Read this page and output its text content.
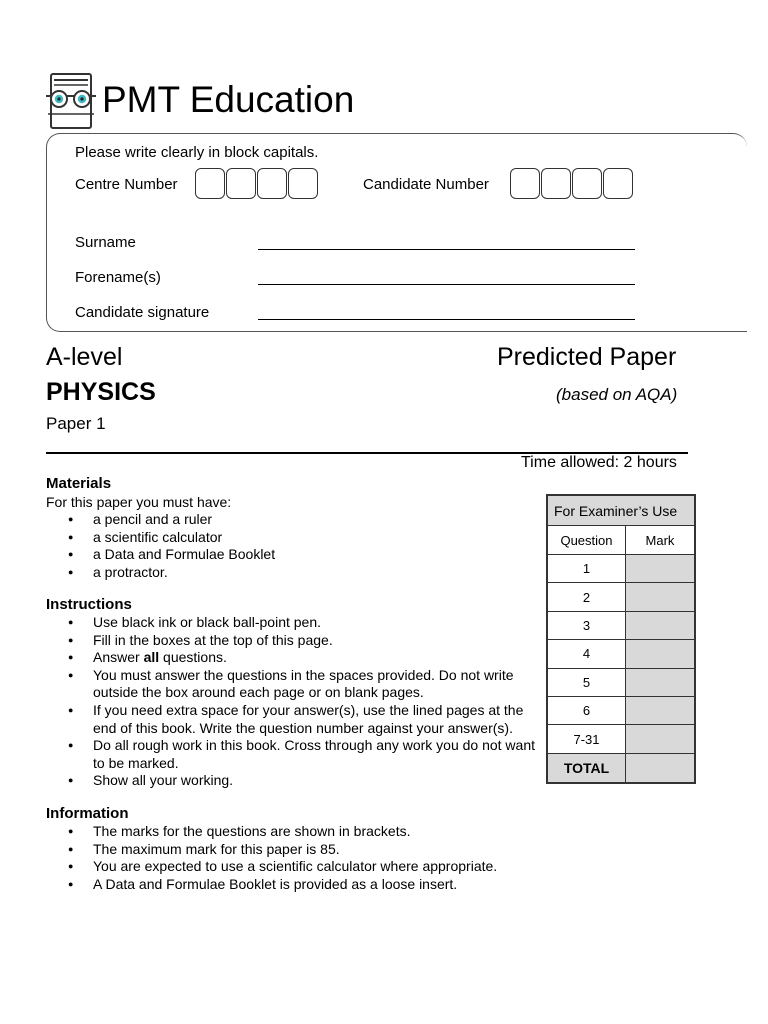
PMT Education
Please write clearly in block capitals.
Centre Number	Candidate Number
Surname
Forename(s)
Candidate signature
A-level	Predicted Paper
PHYSICS	(based on AQA)
Paper 1
Time allowed: 2 hours
Materials
For this paper you must have:
● a pencil and a ruler
● a scientific calculator
● a Data and Formulae Booklet
● a protractor.
Instructions
● Use black ink or black ball-point pen.
● Fill in the boxes at the top of this page.
● Answer all questions.
● You must answer the questions in the spaces provided. Do not write outside the box around each page or on blank pages.
● If you need extra space for your answer(s), use the lined pages at the end of this book. Write the question number against your answer(s).
● Do all rough work in this book. Cross through any work you do not want to be marked.
● Show all your working.
Information
● The marks for the questions are shown in brackets.
● The maximum mark for this paper is 85.
● You are expected to use a scientific calculator where appropriate.
● A Data and Formulae Booklet is provided as a loose insert.
For Examiner’s Use	
Question	Mark
1	
2	
3	
4	
5	
6	
7-31	
TOTAL	
